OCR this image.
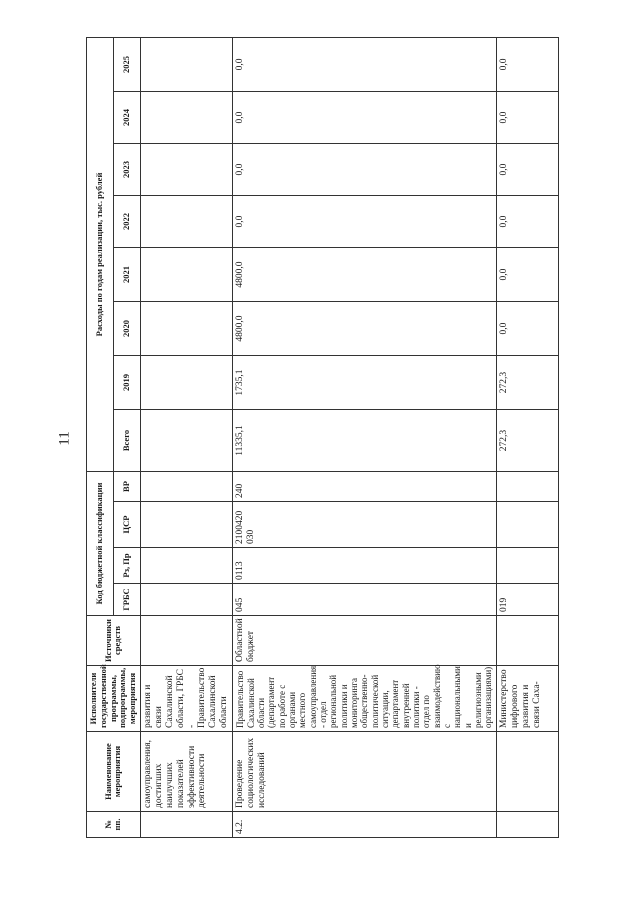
11
№ пп.	Наименование мероприятия	Исполнители государственной программы, подпрограммы, мероприятия	Источники средств	Код бюджетной классификации				Расходы по годам реализации, тыс. рублей							
				ГРБС	Рз, Пр	ЦСР	ВР	Всего	2019	2020	2021	2022	2023	2024	2025
	самоуправления, достигших наилучших показателей эффективности деятельности	развития и связи Сахалинской области, ГРБС - Правительство Сахалинской области													
4.2.	Проведение социологических исследований	Правительство Сахалинской области (департамент по работе с органами местного самоуправления - отдел региональной политики и мониторинга общественно-политической ситуации, департамент внутренней политики - отдел по взаимодействию с национальными и религиозными организациями)	Областной бюджет	045	0113	2100420 030	240	11335,1	1735,1	4800,0	4800,0	0,0	0,0	0,0	0,0
		Министерство цифрового развития и связи Саха-		019				272,3	272,3	0,0	0,0	0,0	0,0	0,0	0,0
